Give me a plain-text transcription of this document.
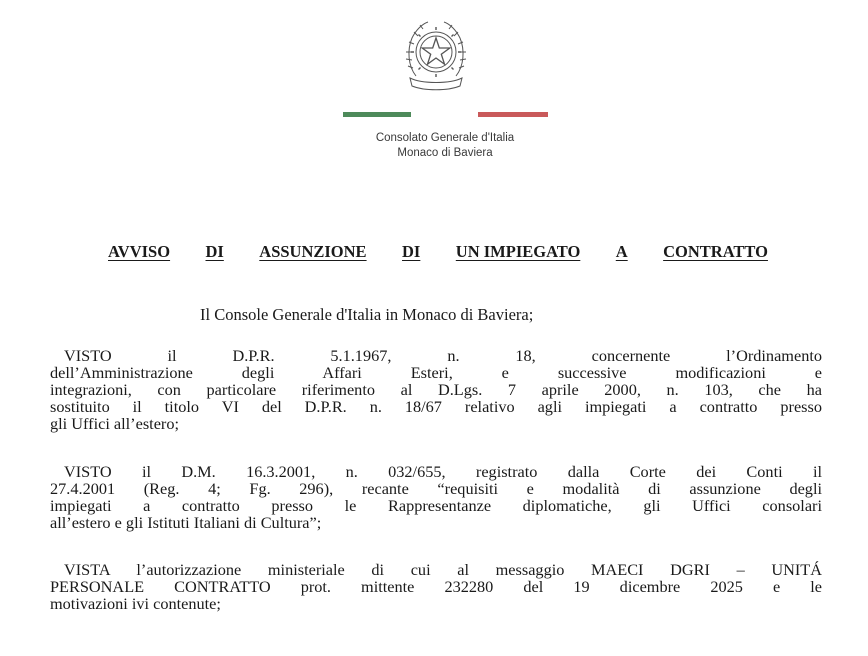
Consolato Generale d'Italia
Monaco di Baviera
AVVISO DI ASSUNZIONE DI UN IMPIEGATO A CONTRATTO
Il Console Generale d'Italia in Monaco di Baviera;
VISTO il D.P.R. 5.1.1967, n. 18, concernente l’Ordinamento
dell’Amministrazione degli Affari Esteri, e successive modificazioni e
integrazioni, con particolare riferimento al D.Lgs. 7 aprile 2000, n. 103, che ha
sostituito il titolo VI del D.P.R. n. 18/67 relativo agli impiegati a contratto presso
gli Uffici all’estero;
VISTO il D.M. 16.3.2001, n. 032/655, registrato dalla Corte dei Conti il
27.4.2001 (Reg. 4; Fg. 296), recante “requisiti e modalità di assunzione degli
impiegati a contratto presso le Rappresentanze diplomatiche, gli Uffici consolari
all’estero e gli Istituti Italiani di Cultura”;
VISTA l’autorizzazione ministeriale di cui al messaggio MAECI DGRI – UNITÁ
PERSONALE CONTRATTO prot. mittente 232280 del 19 dicembre 2025 e le
motivazioni ivi contenute;
